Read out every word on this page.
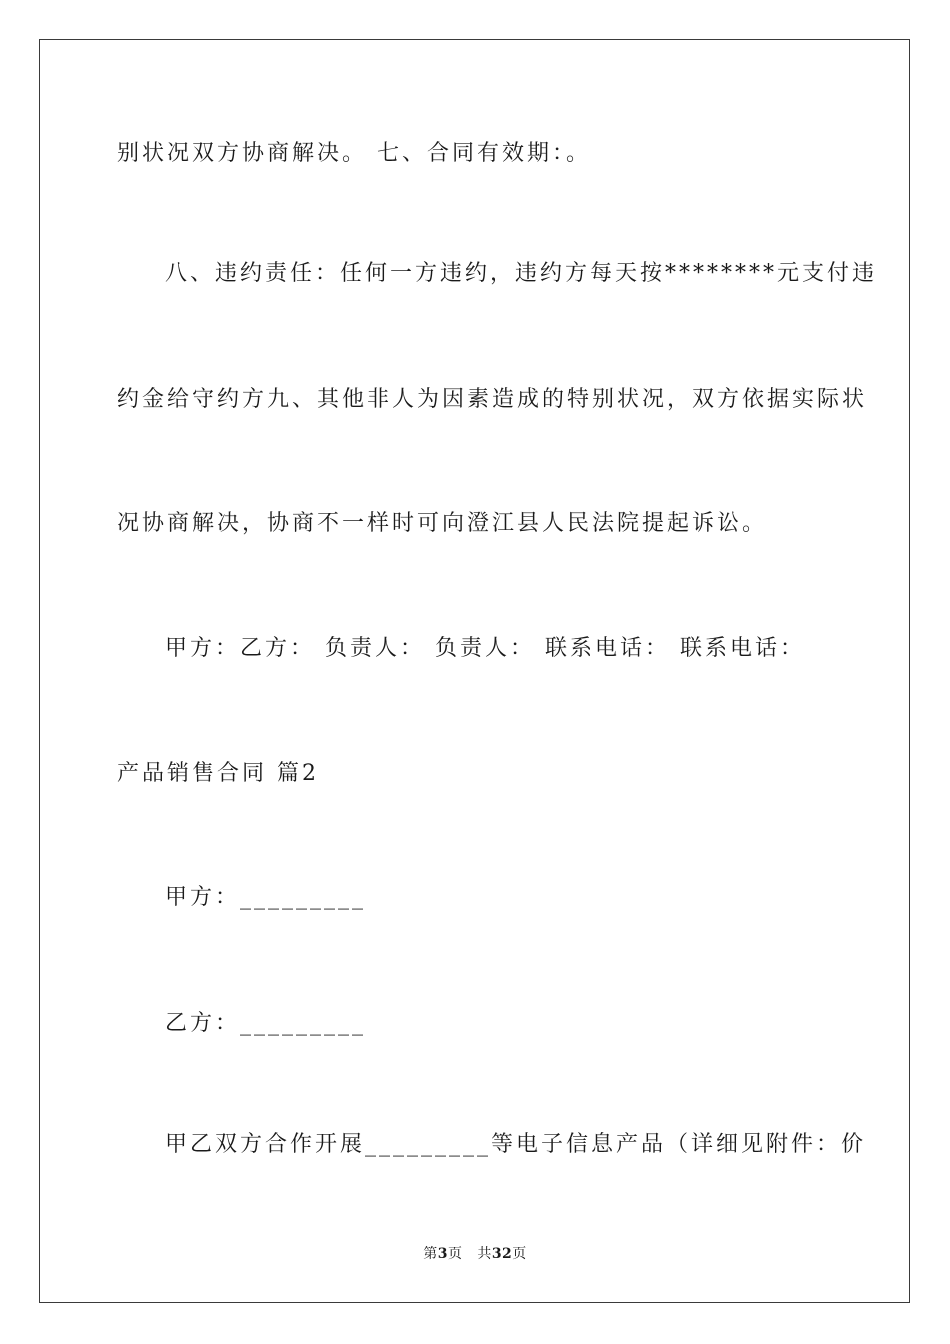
别状况双方协商解决。 七、合同有效期：。
八、违约责任：任何一方违约，违约方每天按********元支付违
约金给守约方九、其他非人为因素造成的特别状况，双方依据实际状
况协商解决，协商不一样时可向澄江县人民法院提起诉讼。
甲方：乙方： 负责人： 负责人： 联系电话： 联系电话：
产品销售合同 篇2
甲方：_________
乙方：_________
甲乙双方合作开展_________等电子信息产品（详细见附件：价
第3页 共32页
